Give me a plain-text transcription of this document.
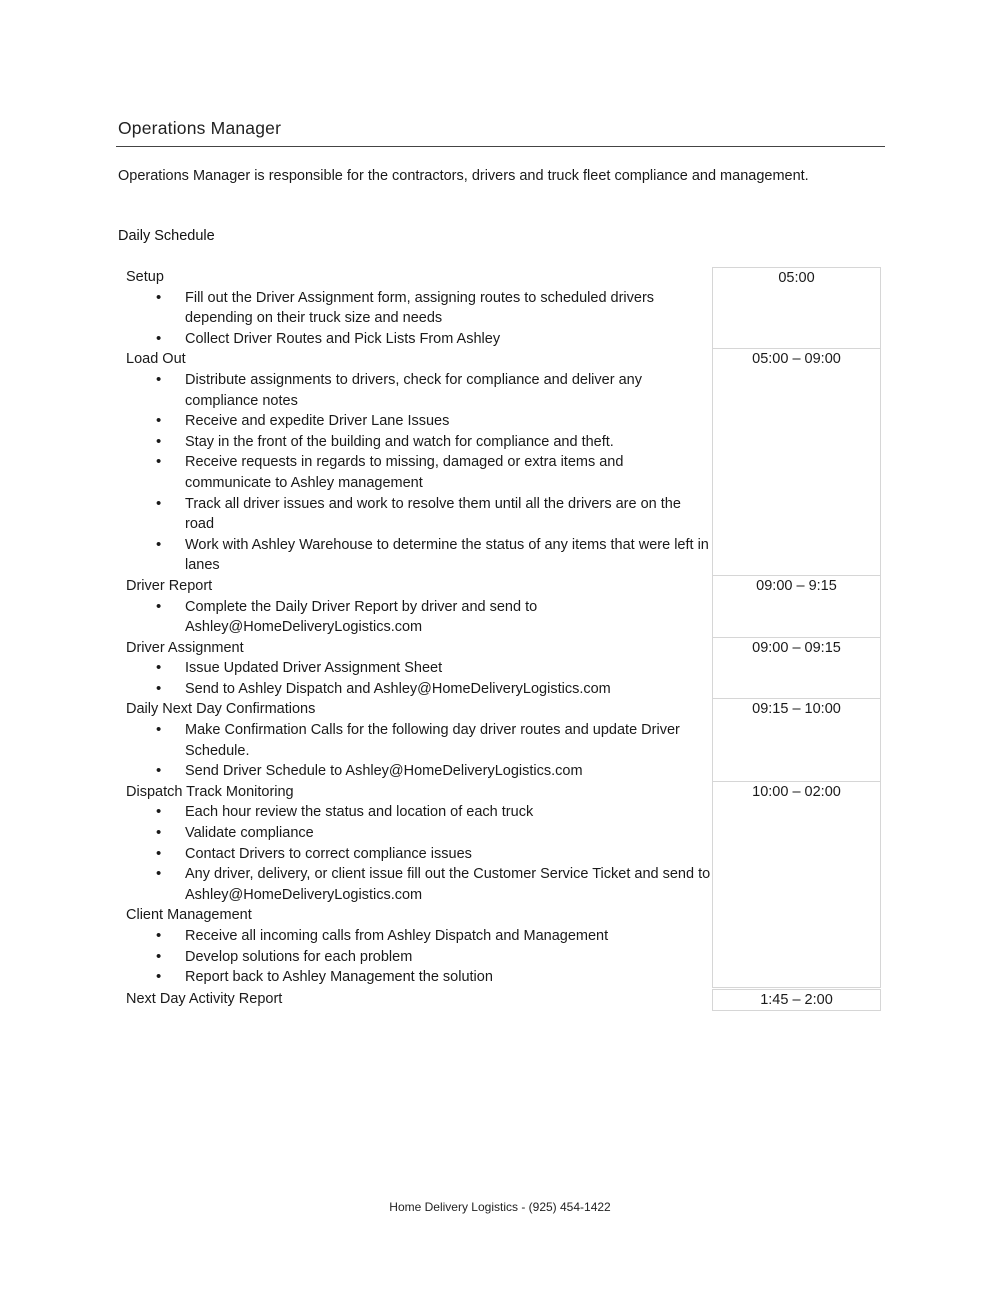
Operations Manager
Operations Manager is responsible for the contractors, drivers and truck fleet compliance and management.
Daily Schedule
Setup
• Fill out the Driver Assignment form, assigning routes to scheduled drivers depending on their truck size and needs
• Collect Driver Routes and Pick Lists From Ashley
05:00
Load Out
• Distribute assignments to drivers, check for compliance and deliver any compliance notes
• Receive and expedite Driver Lane Issues
• Stay in the front of the building and watch for compliance and theft.
• Receive requests in regards to missing, damaged or extra items and communicate to Ashley management
• Track all driver issues and work to resolve them until all the drivers are on the road
• Work with Ashley Warehouse to determine the status of any items that were left in lanes
05:00 – 09:00
Driver Report
• Complete the Daily Driver Report by driver and send to Ashley@HomeDeliveryLogistics.com
09:00 – 9:15
Driver Assignment
• Issue Updated Driver Assignment Sheet
• Send to Ashley Dispatch and Ashley@HomeDeliveryLogistics.com
09:00 – 09:15
Daily Next Day Confirmations
• Make Confirmation Calls for the following day driver routes and update Driver Schedule.
• Send Driver Schedule to Ashley@HomeDeliveryLogistics.com
09:15 – 10:00
Dispatch Track Monitoring
• Each hour review the status and location of each truck
• Validate compliance
• Contact Drivers to correct compliance issues
• Any driver, delivery, or client issue fill out the Customer Service Ticket and send to Ashley@HomeDeliveryLogistics.com
Client Management
• Receive all incoming calls from Ashley Dispatch and Management
• Develop solutions for each problem
• Report back to Ashley Management the solution
10:00 – 02:00
Next Day Activity Report	1:45 – 2:00
Home Delivery Logistics - (925) 454-1422
